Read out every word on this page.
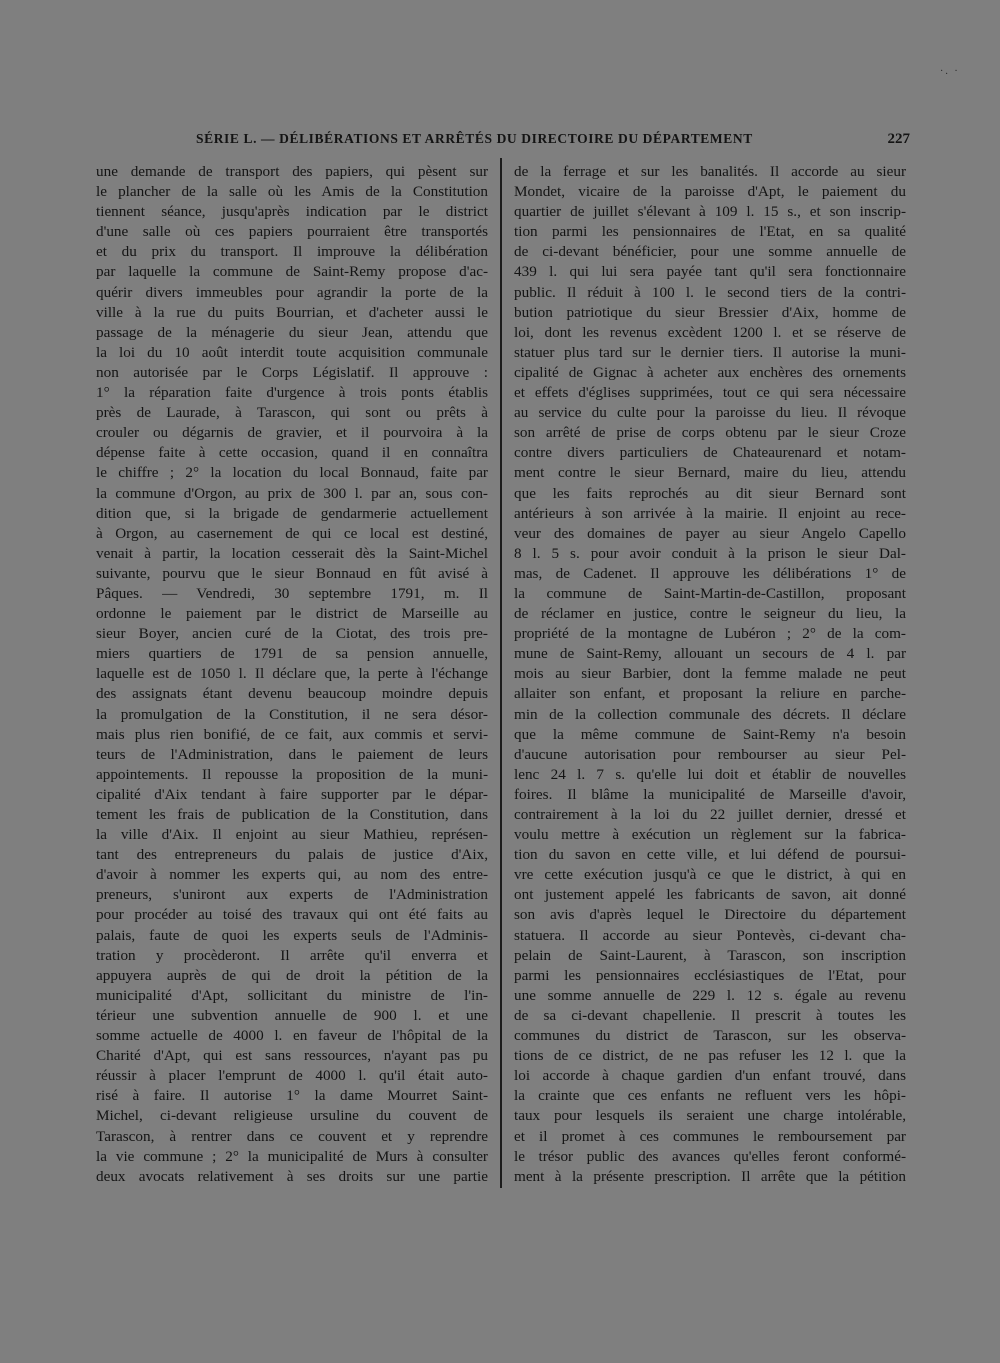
·. ·
SÉRIE L. — DÉLIBÉRATIONS ET ARRÊTÉS DU DIRECTOIRE DU DÉPARTEMENT	227
une demande de transport des papiers, qui pèsent sur
le plancher de la salle où les Amis de la Constitution
tiennent séance, jusqu'après indication par le district
d'une salle où ces papiers pourraient être transportés
et du prix du transport. Il improuve la délibération
par laquelle la commune de Saint-Remy propose d'ac-
quérir divers immeubles pour agrandir la porte de la
ville à la rue du puits Bourrian, et d'acheter aussi le
passage de la ménagerie du sieur Jean, attendu que
la loi du 10 août interdit toute acquisition communale
non autorisée par le Corps Législatif. Il approuve :
1° la réparation faite d'urgence à trois ponts établis
près de Laurade, à Tarascon, qui sont ou prêts à
crouler ou dégarnis de gravier, et il pourvoira à la
dépense faite à cette occasion, quand il en connaîtra
le chiffre ; 2° la location du local Bonnaud, faite par
la commune d'Orgon, au prix de 300 l. par an, sous con-
dition que, si la brigade de gendarmerie actuellement
à Orgon, au casernement de qui ce local est destiné,
venait à partir, la location cesserait dès la Saint-Michel
suivante, pourvu que le sieur Bonnaud en fût avisé à
Pâques. — Vendredi, 30 septembre 1791, m. Il
ordonne le paiement par le district de Marseille au
sieur Boyer, ancien curé de la Ciotat, des trois pre-
miers quartiers de 1791 de sa pension annuelle,
laquelle est de 1050 l. Il déclare que, la perte à l'échange
des assignats étant devenu beaucoup moindre depuis
la promulgation de la Constitution, il ne sera désor-
mais plus rien bonifié, de ce fait, aux commis et servi-
teurs de l'Administration, dans le paiement de leurs
appointements. Il repousse la proposition de la muni-
cipalité d'Aix tendant à faire supporter par le dépar-
tement les frais de publication de la Constitution, dans
la ville d'Aix. Il enjoint au sieur Mathieu, représen-
tant des entrepreneurs du palais de justice d'Aix,
d'avoir à nommer les experts qui, au nom des entre-
preneurs, s'uniront aux experts de l'Administration
pour procéder au toisé des travaux qui ont été faits au
palais, faute de quoi les experts seuls de l'Adminis-
tration y procèderont. Il arrête qu'il enverra et
appuyera auprès de qui de droit la pétition de la
municipalité d'Apt, sollicitant du ministre de l'in-
térieur une subvention annuelle de 900 l. et une
somme actuelle de 4000 l. en faveur de l'hôpital de la
Charité d'Apt, qui est sans ressources, n'ayant pas pu
réussir à placer l'emprunt de 4000 l. qu'il était auto-
risé à faire. Il autorise 1° la dame Mourret Saint-
Michel, ci-devant religieuse ursuline du couvent de
Tarascon, à rentrer dans ce couvent et y reprendre
la vie commune ; 2° la municipalité de Murs à consulter
deux avocats relativement à ses droits sur une partie
de la ferrage et sur les banalités. Il accorde au sieur
Mondet, vicaire de la paroisse d'Apt, le paiement du
quartier de juillet s'élevant à 109 l. 15 s., et son inscrip-
tion parmi les pensionnaires de l'Etat, en sa qualité
de ci-devant bénéficier, pour une somme annuelle de
439 l. qui lui sera payée tant qu'il sera fonctionnaire
public. Il réduit à 100 l. le second tiers de la contri-
bution patriotique du sieur Bressier d'Aix, homme de
loi, dont les revenus excèdent 1200 l. et se réserve de
statuer plus tard sur le dernier tiers. Il autorise la muni-
cipalité de Gignac à acheter aux enchères des ornements
et effets d'églises supprimées, tout ce qui sera nécessaire
au service du culte pour la paroisse du lieu. Il révoque
son arrêté de prise de corps obtenu par le sieur Croze
contre divers particuliers de Chateaurenard et notam-
ment contre le sieur Bernard, maire du lieu, attendu
que les faits reprochés au dit sieur Bernard sont
antérieurs à son arrivée à la mairie. Il enjoint au rece-
veur des domaines de payer au sieur Angelo Capello
8 l. 5 s. pour avoir conduit à la prison le sieur Dal-
mas, de Cadenet. Il approuve les délibérations 1° de
la commune de Saint-Martin-de-Castillon, proposant
de réclamer en justice, contre le seigneur du lieu, la
propriété de la montagne de Lubéron ; 2° de la com-
mune de Saint-Remy, allouant un secours de 4 l. par
mois au sieur Barbier, dont la femme malade ne peut
allaiter son enfant, et proposant la reliure en parche-
min de la collection communale des décrets. Il déclare
que la même commune de Saint-Remy n'a besoin
d'aucune autorisation pour rembourser au sieur Pel-
lenc 24 l. 7 s. qu'elle lui doit et établir de nouvelles
foires. Il blâme la municipalité de Marseille d'avoir,
contrairement à la loi du 22 juillet dernier, dressé et
voulu mettre à exécution un règlement sur la fabrica-
tion du savon en cette ville, et lui défend de poursui-
vre cette exécution jusqu'à ce que le district, à qui en
ont justement appelé les fabricants de savon, ait donné
son avis d'après lequel le Directoire du département
statuera. Il accorde au sieur Pontevès, ci-devant cha-
pelain de Saint-Laurent, à Tarascon, son inscription
parmi les pensionnaires ecclésiastiques de l'Etat, pour
une somme annuelle de 229 l. 12 s. égale au revenu
de sa ci-devant chapellenie. Il prescrit à toutes les
communes du district de Tarascon, sur les observa-
tions de ce district, de ne pas refuser les 12 l. que la
loi accorde à chaque gardien d'un enfant trouvé, dans
la crainte que ces enfants ne refluent vers les hôpi-
taux pour lesquels ils seraient une charge intolérable,
et il promet à ces communes le remboursement par
le trésor public des avances qu'elles feront conformé-
ment à la présente prescription. Il arrête que la pétition
